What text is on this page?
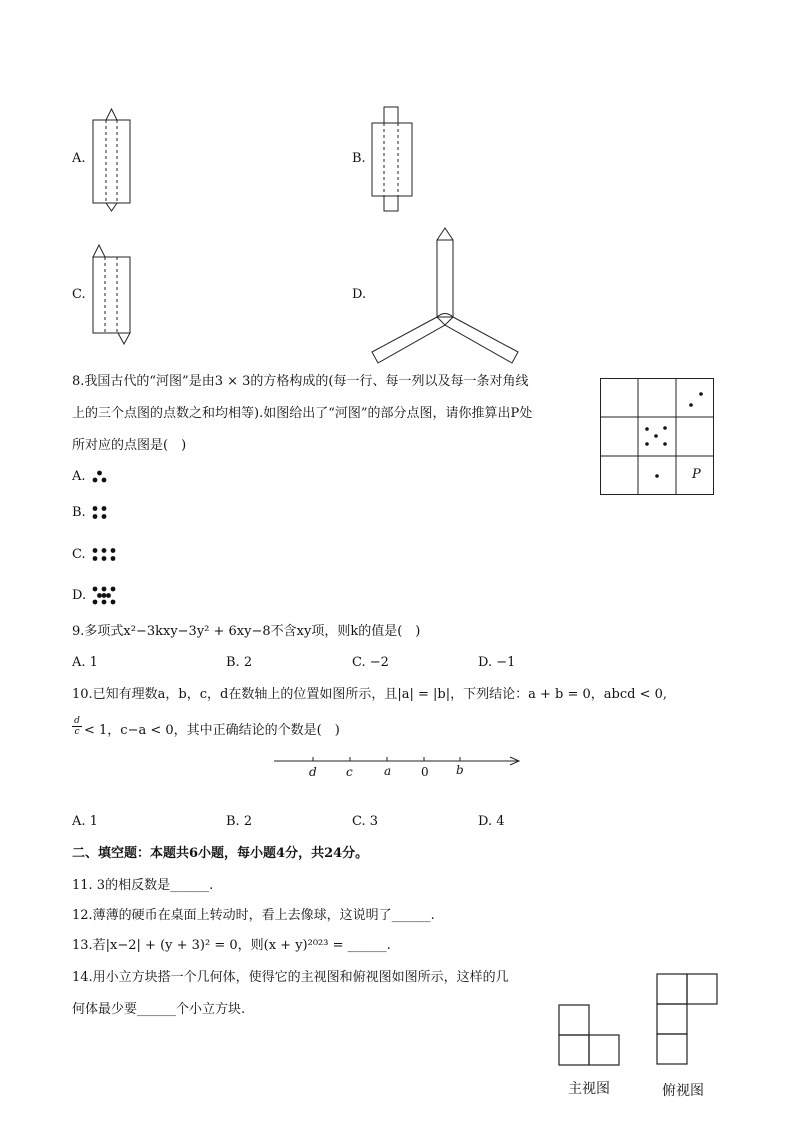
A.	B.
C.	D.
8.我国古代的“河图”是由3 × 3的方格构成的(每一行、每一列以及每一条对角线
上的三个点图的点数之和均相等).如图给出了“河图”的部分点图，请你推算出P处
所对应的点图是(　)
P
A.
B.
C.
D.
9.多项式x²−3kxy−3y² + 6xy−8不含xy项，则k的值是(　)
A. 1	B. 2	C. −2	D. −1
10.已知有理数a，b，c，d在数轴上的位置如图所示，且|a| = |b|，下列结论：a + b = 0，abcd < 0,
d
c < 1，c−a < 0，其中正确结论的个数是(　)
d c	a 0 b
A. 1	B. 2	C. 3	D. 4
二、填空题：本题共6小题，每小题4分，共24分。
11. 3的相反数是______.
12.薄薄的硬币在桌面上转动时，看上去像球，这说明了______.
13.若|x−2| + (y + 3)² = 0，则(x + y)²⁰²³ = ______.
14.用小立方块搭一个几何体，使得它的主视图和俯视图如图所示，这样的几
何体最少要______个小立方块.
主视图	俯视图
